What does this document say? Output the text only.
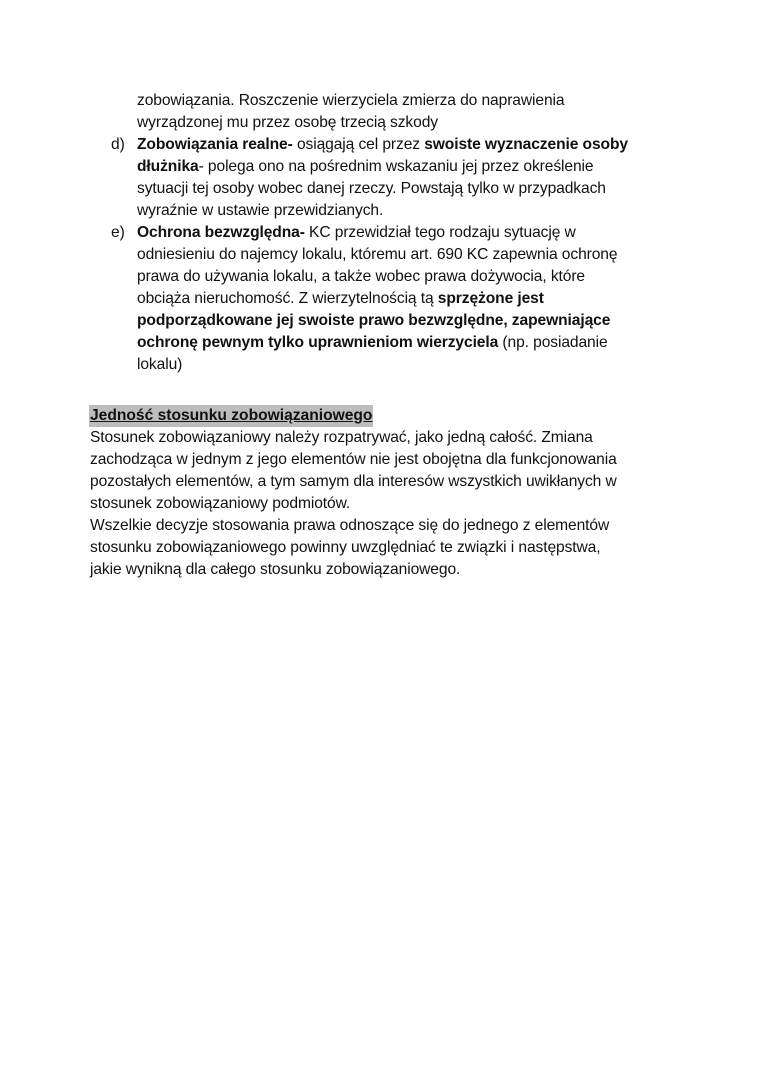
zobowiązania. Roszczenie wierzyciela zmierza do naprawienia
wyrządzonej mu przez osobę trzecią szkody
d) Zobowiązania realne- osiągają cel przez swoiste wyznaczenie osoby
dłużnika- polega ono na pośrednim wskazaniu jej przez określenie
sytuacji tej osoby wobec danej rzeczy. Powstają tylko w przypadkach
wyraźnie w ustawie przewidzianych.
e) Ochrona bezwzględna- KC przewidział tego rodzaju sytuację w
odniesieniu do najemcy lokalu, któremu art. 690 KC zapewnia ochronę
prawa do używania lokalu, a także wobec prawa dożywocia, które
obciąża nieruchomość. Z wierzytelnością tą sprzężone jest
podporządkowane jej swoiste prawo bezwzględne, zapewniające
ochronę pewnym tylko uprawnieniom wierzyciela (np. posiadanie
lokalu)
Jedność stosunku zobowiązaniowego
Stosunek zobowiązaniowy należy rozpatrywać, jako jedną całość. Zmiana
zachodząca w jednym z jego elementów nie jest obojętna dla funkcjonowania
pozostałych elementów, a tym samym dla interesów wszystkich uwikłanych w
stosunek zobowiązaniowy podmiotów.
Wszelkie decyzje stosowania prawa odnoszące się do jednego z elementów
stosunku zobowiązaniowego powinny uwzględniać te związki i następstwa,
jakie wynikną dla całego stosunku zobowiązaniowego.
